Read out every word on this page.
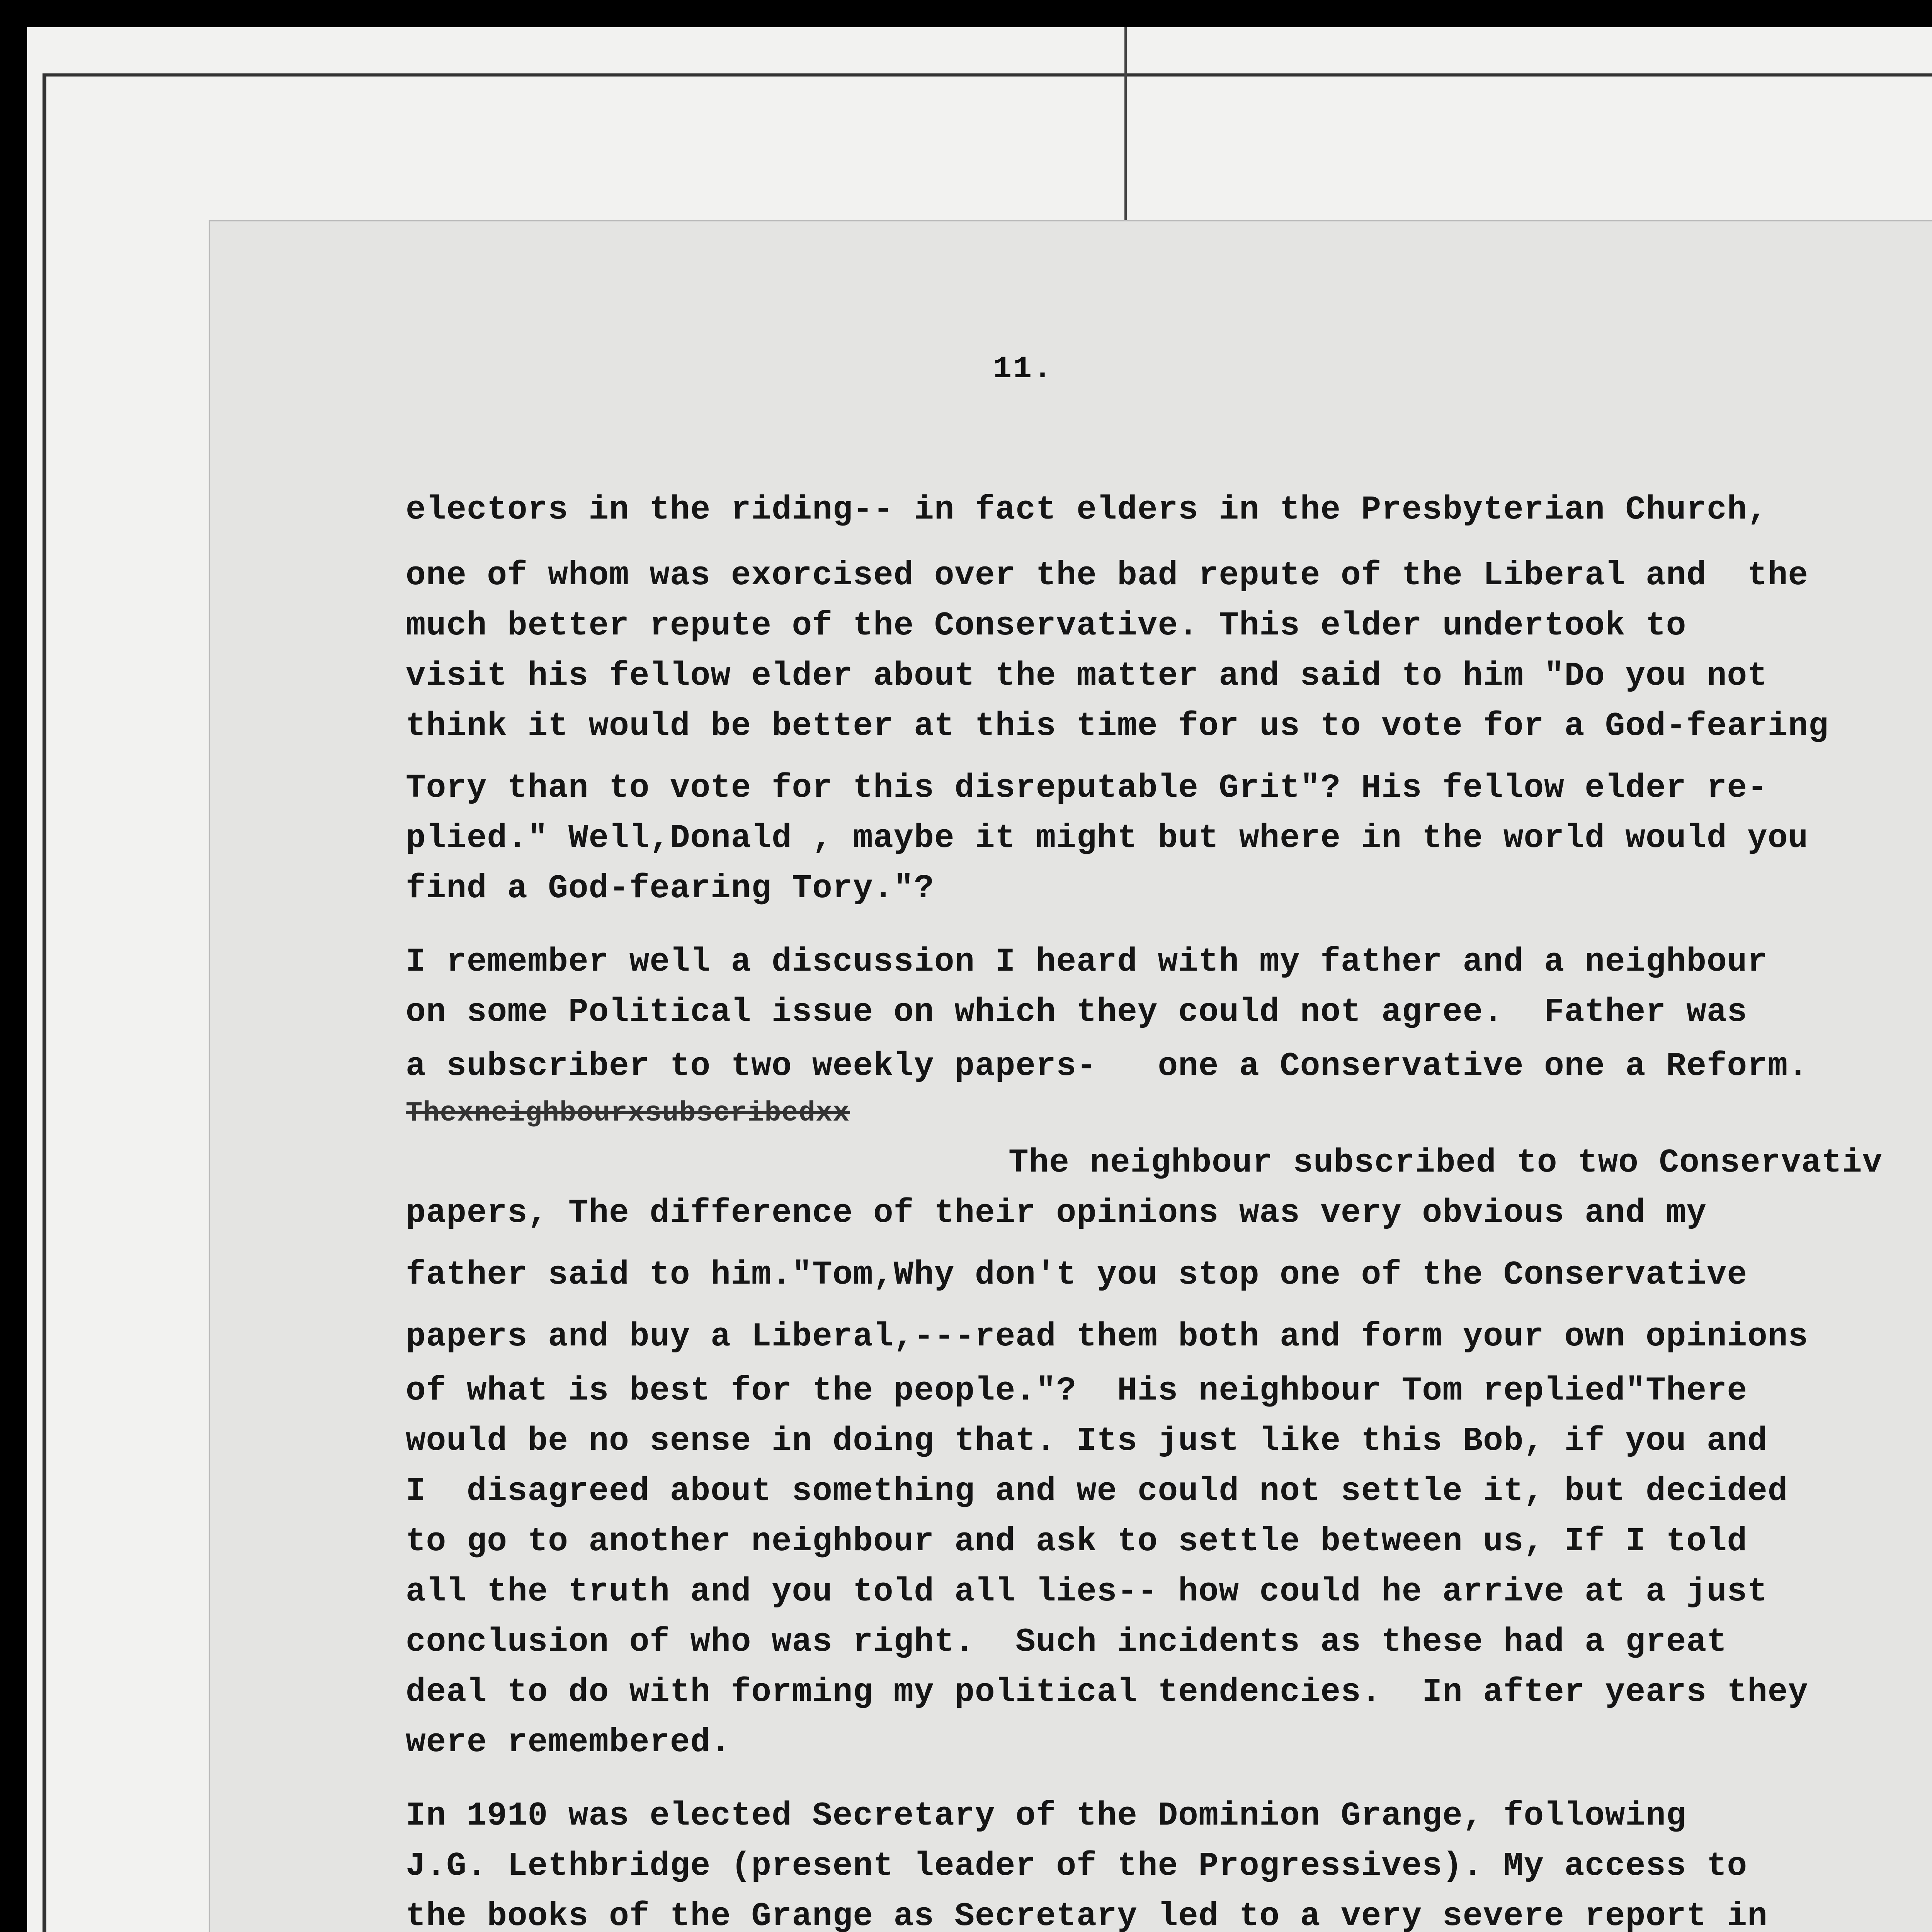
11.
electors in the riding-- in fact elders in the Presbyterian Church,
one of whom was exorcised over the bad repute of the Liberal and  the
much better repute of the Conservative. This elder undertook to
visit his fellow elder about the matter and said to him "Do you not
think it would be better at this time for us to vote for a God-fearing
Tory than to vote for this disreputable Grit"? His fellow elder re-
plied." Well,Donald , maybe it might but where in the world would you
find a God-fearing Tory."?
I remember well a discussion I heard with my father and a neighbour
on some Political issue on which they could not agree.  Father was
a subscriber to two weekly papers-   one a Conservative one a Reform.
Thexneighbourxsubscribedxx
The neighbour subscribed to two Conservativ
papers, The difference of their opinions was very obvious and my
father said to him."Tom,Why don't you stop one of the Conservative
papers and buy a Liberal,---read them both and form your own opinions
of what is best for the people."?  His neighbour Tom replied"There
would be no sense in doing that. Its just like this Bob, if you and
I  disagreed about something and we could not settle it, but decided
to go to another neighbour and ask to settle between us, If I told
all the truth and you told all lies-- how could he arrive at a just
conclusion of who was right.  Such incidents as these had a great
deal to do with forming my political tendencies.  In after years they
were remembered.
In 1910 was elected Secretary of the Dominion Grange, following
J.G. Lethbridge (present leader of the Progressives). My access to
the books of the Grange as Secretary led to a very severe report in
